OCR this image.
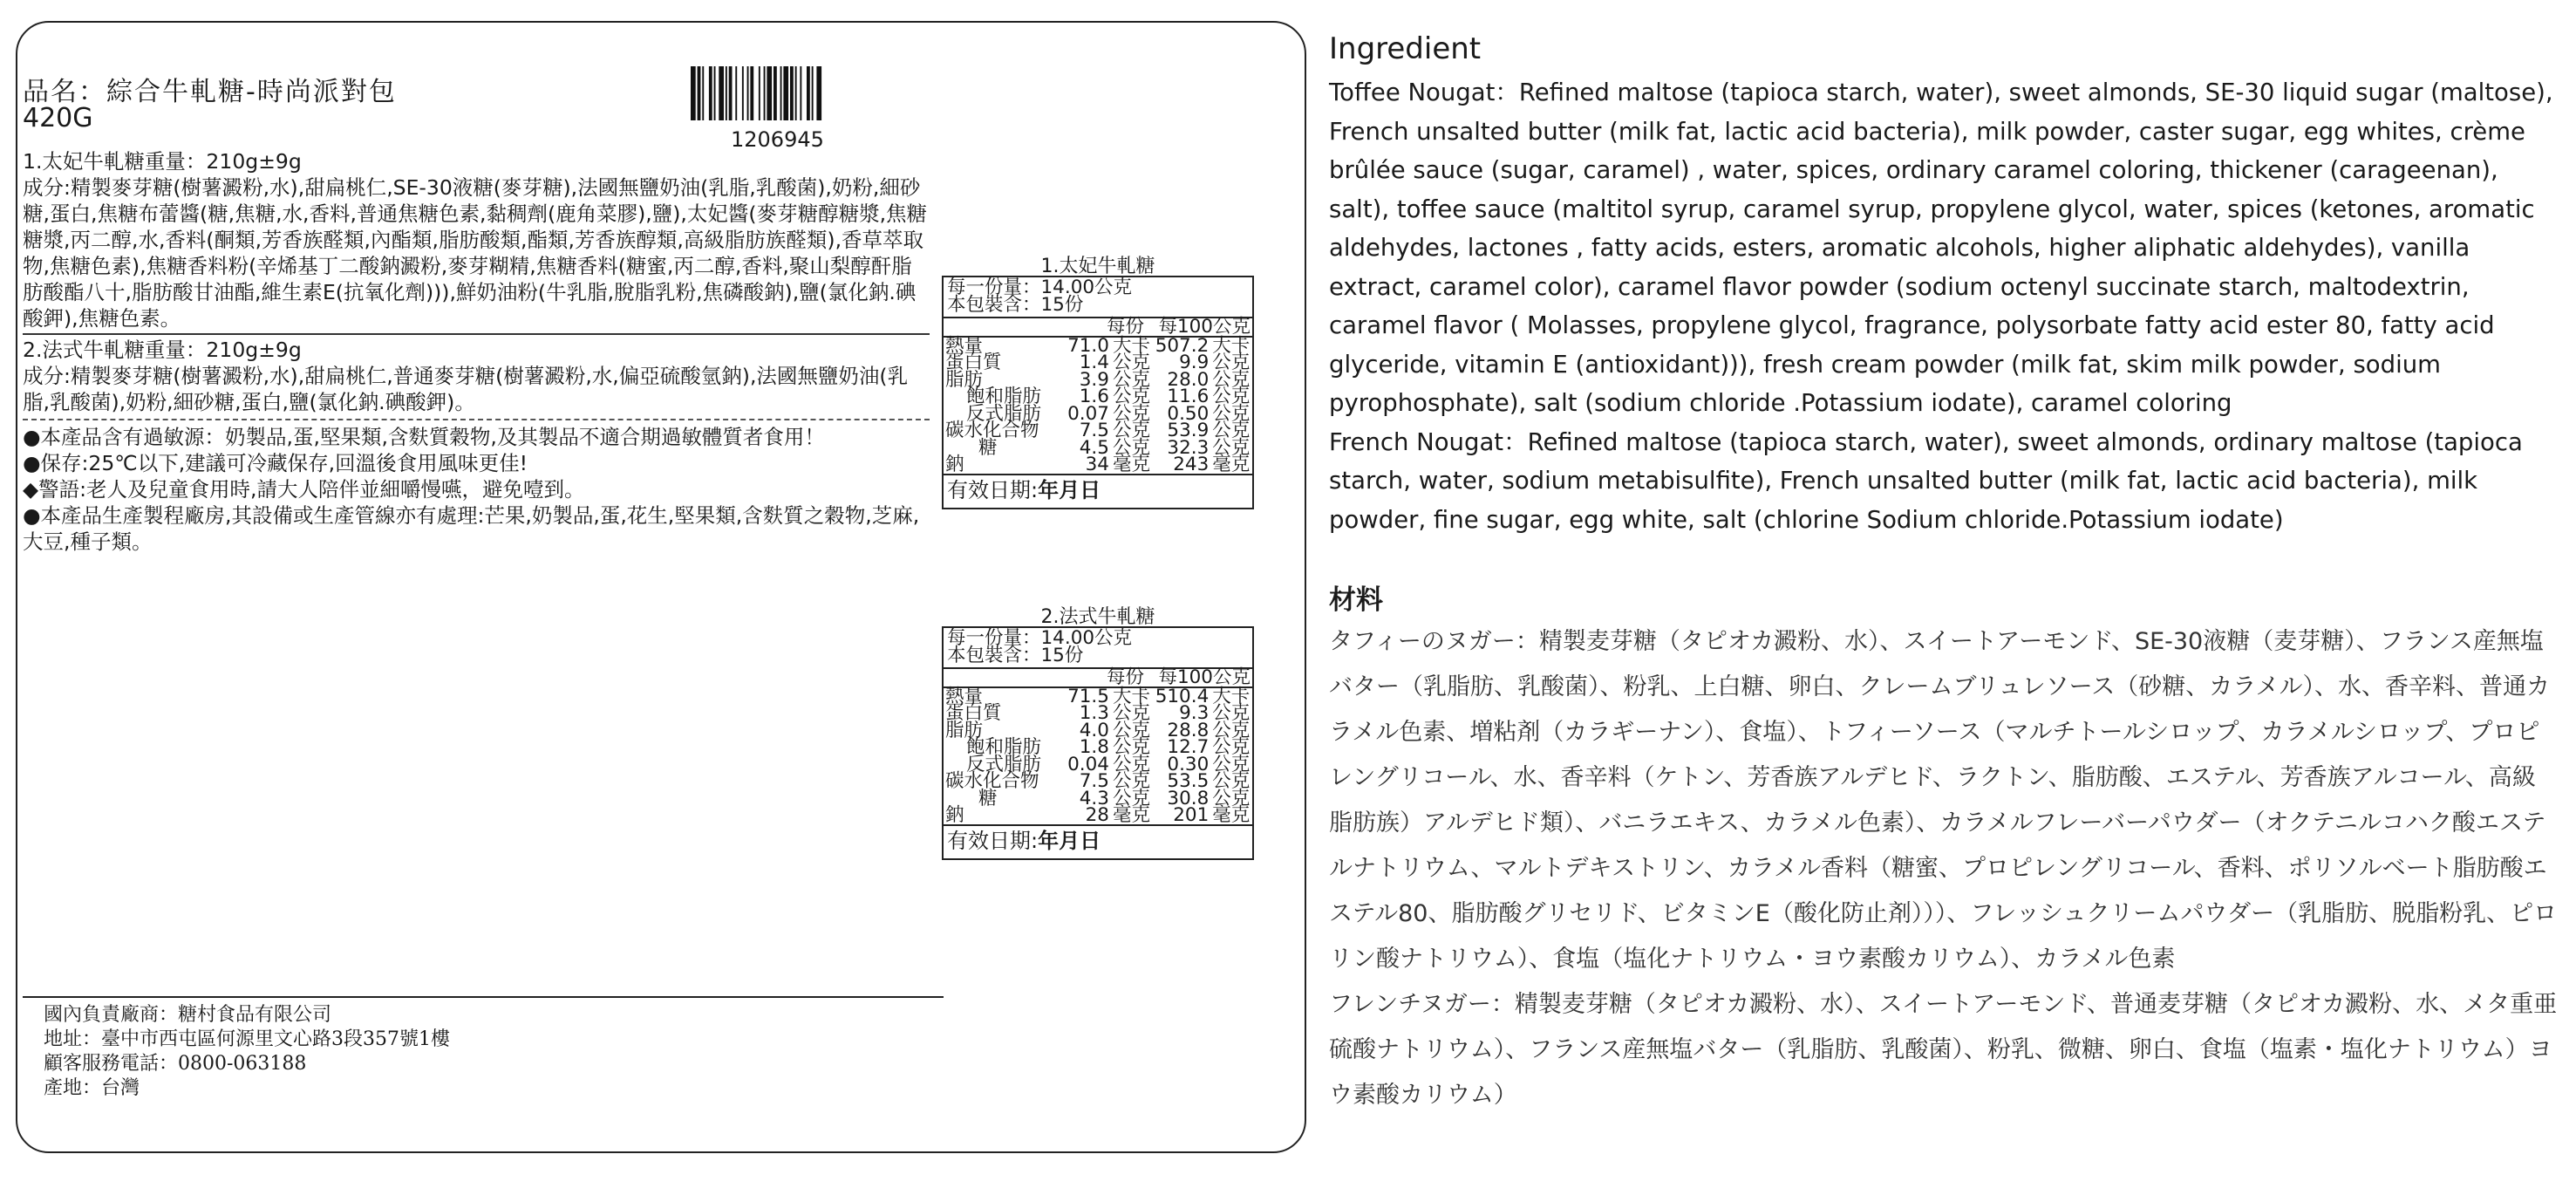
品名：綜合牛軋糖-時尚派對包
420G
1206945

1.太妃牛軋糖重量：210g±9g

成分:精製麥芽糖(樹薯澱粉,水),甜扁桃仁,SE-30液糖(麥芽糖),法國無鹽奶油(乳脂,乳酸菌),奶粉,細砂糖,蛋白,焦糖布蕾醬(糖,焦糖,水,香料,普通焦糖色素,黏稠劑(鹿角菜膠),鹽),太妃醬(麥芽糖醇糖漿,焦糖糖漿,丙二醇,水,香料(酮類,芳香族醛類,內酯類,脂肪酸類,酯類,芳香族醇類,高級脂肪族醛類),香草萃取物,焦糖色素),焦糖香料粉(辛烯基丁二酸鈉澱粉,麥芽糊精,焦糖香料(糖蜜,丙二醇,香料,聚山梨醇酐脂肪酸酯八十,脂肪酸甘油酯,維生素E(抗氧化劑))),鮮奶油粉(牛乳脂,脫脂乳粉,焦磷酸鈉),鹽(氯化鈉.碘酸鉀),焦糖色素。

2.法式牛軋糖重量：210g±9g

成分:精製麥芽糖(樹薯澱粉,水),甜扁桃仁,普通麥芽糖(樹薯澱粉,水,偏亞硫酸氫鈉),法國無鹽奶油(乳脂,乳酸菌),奶粉,細砂糖,蛋白,鹽(氯化鈉.碘酸鉀)。

●本產品含有過敏源：奶製品,蛋,堅果類,含麩質穀物,及其製品不適合期過敏體質者食用！

●保存:25℃以下,建議可冷藏保存,回溫後食用風味更佳!

◆警語:老人及兒童食用時,請大人陪伴並細嚼慢嚥，避免噎到。

●本產品生產製程廠房,其設備或生產管線亦有處理:芒果,奶製品,蛋,花生,堅果類,含麩質之穀物,芝麻,大豆,種子類。

1.太妃牛軋糖
每一份量：14.00公克
本包裝含：15份
每份 每100公克
熱量	71.0	大卡	507.2	大卡
蛋白質	1.4	公克	9.9	公克
脂肪	3.9	公克	28.0	公克
飽和脂肪	1.6	公克	11.6	公克
反式脂肪	0.07	公克	0.50	公克
碳水化合物	7.5	公克	53.9	公克
糖	4.5	公克	32.3	公克
鈉	34	毫克	243	毫克
有效日期:年月日
2.法式牛軋糖
每一份量：14.00公克
本包裝含：15份
每份 每100公克
熱量	71.5	大卡	510.4	大卡
蛋白質	1.3	公克	9.3	公克
脂肪	4.0	公克	28.8	公克
飽和脂肪	1.8	公克	12.7	公克
反式脂肪	0.04	公克	0.30	公克
碳水化合物	7.5	公克	53.5	公克
糖	4.3	公克	30.8	公克
鈉	28	毫克	201	毫克
有效日期:年月日
國內負責廠商：糖村食品有限公司
地址：臺中市西屯區何源里文心路3段357號1樓
顧客服務電話：0800-063188
產地：台灣
Ingredient

Toffee Nougat：Refined maltose (tapioca starch, water), sweet almonds, SE-30 liquid sugar (maltose), French unsalted butter (milk fat, lactic acid bacteria), milk powder, caster sugar, egg whites, crème brûlée sauce (sugar, caramel) , water, spices, ordinary caramel coloring, thickener (carageenan), salt), toffee sauce (maltitol syrup, caramel syrup, propylene glycol, water, spices (ketones, aromatic aldehydes, lactones , fatty acids, esters, aromatic alcohols, higher aliphatic aldehydes), vanilla extract, caramel color), caramel flavor powder (sodium octenyl succinate starch, maltodextrin, caramel flavor ( Molasses, propylene glycol, fragrance, polysorbate fatty acid ester 80, fatty acid glyceride, vitamin E (antioxidant))), fresh cream powder (milk fat, skim milk powder, sodium pyrophosphate), salt (sodium chloride .Potassium iodate), caramel coloring

French Nougat：Refined maltose (tapioca starch, water), sweet almonds, ordinary maltose (tapioca starch, water, sodium metabisulfite), French unsalted butter (milk fat, lactic acid bacteria), milk powder, fine sugar, egg white, salt (chlorine Sodium chloride.Potassium iodate)

材料

タフィーのヌガー：精製麦芽糖（タピオカ澱粉、水）、スイートアーモンド、SE-30液糖（麦芽糖）、フランス産無塩バター（乳脂肪、乳酸菌）、粉乳、上白糖、卵白、クレームブリュレソース（砂糖、カラメル）、水、香辛料、普通カラメル色素、増粘剤（カラギーナン）、食塩）、トフィーソース（マルチトールシロップ、カラメルシロップ、プロピレングリコール、水、香辛料（ケトン、芳香族アルデヒド、ラクトン、脂肪酸、エステル、芳香族アルコール、高級脂肪族）アルデヒド類）、バニラエキス、カラメル色素）、カラメルフレーバーパウダー（オクテニルコハク酸エステルナトリウム、マルトデキストリン、カラメル香料（糖蜜、プロピレングリコール、香料、ポリソルベート脂肪酸エステル80、脂肪酸グリセリド、ビタミンE（酸化防止剤）））、フレッシュクリームパウダー（乳脂肪、脱脂粉乳、ピロリン酸ナトリウム）、食塩（塩化ナトリウム・ヨウ素酸カリウム）、カラメル色素

フレンチヌガー：精製麦芽糖（タピオカ澱粉、水）、スイートアーモンド、普通麦芽糖（タピオカ澱粉、水、メタ重亜硫酸ナトリウム）、フランス産無塩バター（乳脂肪、乳酸菌）、粉乳、微糖、卵白、食塩（塩素・塩化ナトリウム）ヨウ素酸カリウム）
